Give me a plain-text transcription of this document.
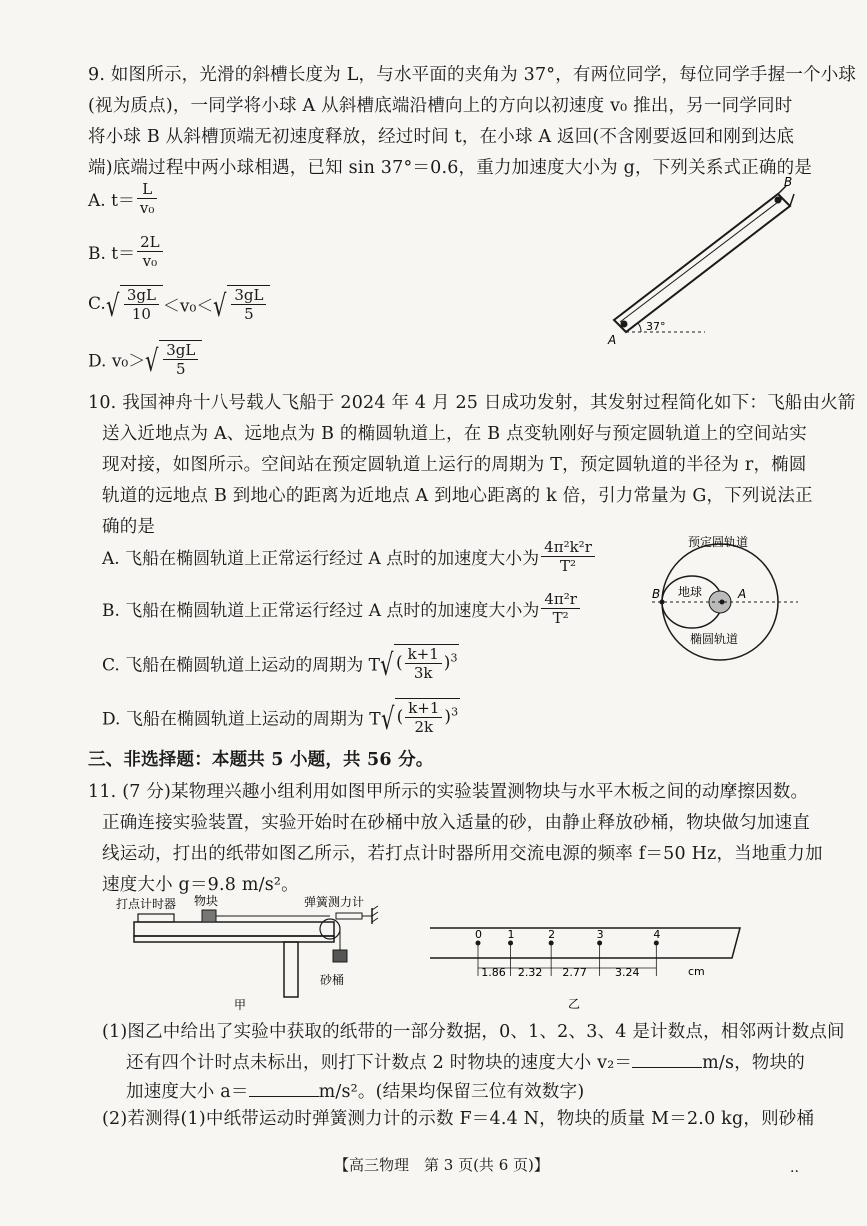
9. 如图所示，光滑的斜槽长度为 L，与水平面的夹角为 37°，有两位同学，每位同学手握一个小球
(视为质点)，一同学将小球 A 从斜槽底端沿槽向上的方向以初速度 v₀ 推出，另一同学同时
将小球 B 从斜槽顶端无初速度释放，经过时间 t，在小球 A 返回(不含刚要返回和刚到达底
端)底端过程中两小球相遇，已知 sin 37°＝0.6，重力加速度大小为 g，下列关系式正确的是
A. $t= \frac{L}{\text{v₀}}$
B. $t= \frac{2L}{\text{v₀}}$
C. √ $\frac{3gL}{10} <v_0<$ √ $\frac{3gL}{5}$
D. v₀＞ √ $\frac{3gL}{5}$
A
B
37°
10. 我国神舟十八号载人飞船于 2024 年 4 月 25 日成功发射，其发射过程简化如下：飞船由火箭
送入近地点为 A、远地点为 B 的椭圆轨道上，在 B 点变轨刚好与预定圆轨道上的空间站实
现对接，如图所示。空间站在预定圆轨道上运行的周期为 T，预定圆轨道的半径为 r，椭圆
轨道的远地点 B 到地心的距离为近地点 A 到地心距离的 k 倍，引力常量为 G，下列说法正
确的是
A. 飞船在椭圆轨道上正常运行经过 A 点时的加速度大小为 $\frac{\text{4π²k²r}}{\text{T²}}$
B. 飞船在椭圆轨道上正常运行经过 A 点时的加速度大小为 $\frac{\text{4π²r}}{\text{T²}}$
C. 飞船在椭圆轨道上运动的周期为 T √ ( $\frac{k+1}{3k} )^3$
D. 飞船在椭圆轨道上运动的周期为 T √ ( $\frac{k+1}{2k} )^3$
预定圆轨道
椭圆轨道
地球
B	A
三、非选择题：本题共 5 小题，共 56 分。
11. (7 分)某物理兴趣小组利用如图甲所示的实验装置测物块与水平木板之间的动摩擦因数。
正确连接实验装置，实验开始时在砂桶中放入适量的砂，由静止释放砂桶，物块做匀加速直
线运动，打出的纸带如图乙所示，若打点计时器所用交流电源的频率 f＝50 Hz，当地重力加
速度大小 g＝9.8 m/s²。
打点计时器 物块	弹簧测力计
砂桶
甲
0 1	2	3	4
1.86 2.32 2.77	3.24	cm
乙
(1)图乙中给出了实验中获取的纸带的一部分数据，0、1、2、3、4 是计数点，相邻两计数点间
还有四个计时点未标出，则打下计数点 2 时物块的速度大小 v₂＝	m/s，物块的
加速度大小 a＝	m/s²。(结果均保留三位有效数字)
(2)若测得(1)中纸带运动时弹簧测力计的示数 F＝4.4 N，物块的质量 M＝2.0 kg，则砂桶
【高三物理　第 3 页(共 6 页)】	..
